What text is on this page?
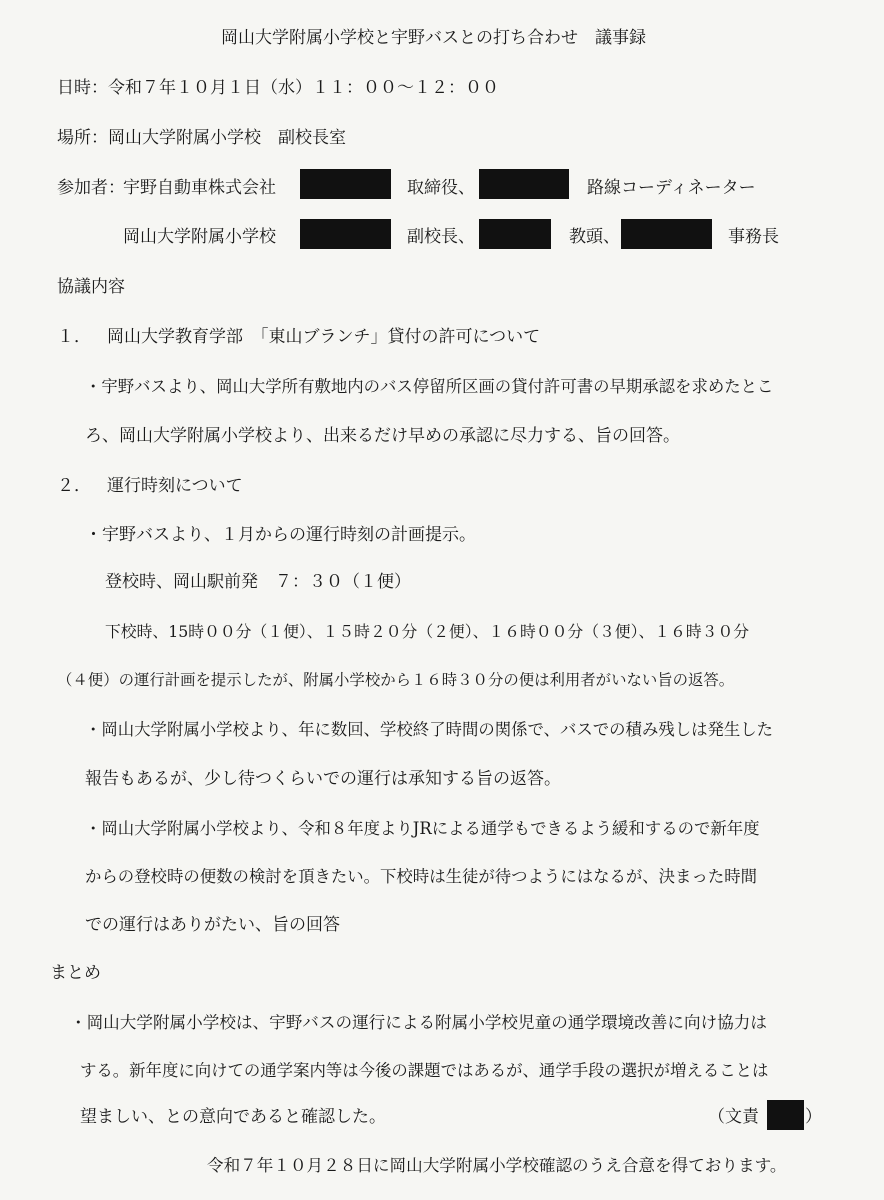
岡山大学附属小学校と宇野バスとの打ち合わせ　議事録
日時：令和７年１０月１日（水）１１：００～１２：００
場所：岡山大学附属小学校　副校長室
参加者：
宇野自動車株式会社	取締役、	路線コーディネーター
岡山大学附属小学校	副校長、	教頭、	事務長
協議内容
１． 岡山大学教育学部　「東山ブランチ」貸付の許可について
・宇野バスより、岡山大学所有敷地内のバス停留所区画の貸付許可書の早期承認を求めたとこ
ろ、岡山大学附属小学校より、出来るだけ早めの承認に尽力する、旨の回答。
２． 運行時刻について
・宇野バスより、１月からの運行時刻の計画提示。
登校時、岡山駅前発　７：３０（１便）
下校時、15時００分（１便）、１５時２０分（２便）、１６時００分（３便）、１６時３０分
（４便）の運行計画を提示したが、附属小学校から１６時３０分の便は利用者がいない旨の返答。
・岡山大学附属小学校より、年に数回、学校終了時間の関係で、バスでの積み残しは発生した
報告もあるが、少し待つくらいでの運行は承知する旨の返答。
・岡山大学附属小学校より、令和８年度よりJRによる通学もできるよう緩和するので新年度
からの登校時の便数の検討を頂きたい。下校時は生徒が待つようにはなるが、決まった時間
での運行はありがたい、旨の回答
まとめ
・岡山大学附属小学校は、宇野バスの運行による附属小学校児童の通学環境改善に向け協力は
する。新年度に向けての通学案内等は今後の課題ではあるが、通学手段の選択が増えることは
望ましい、との意向であると確認した。	（文責	）
令和７年１０月２８日に岡山大学附属小学校確認のうえ合意を得ております。
